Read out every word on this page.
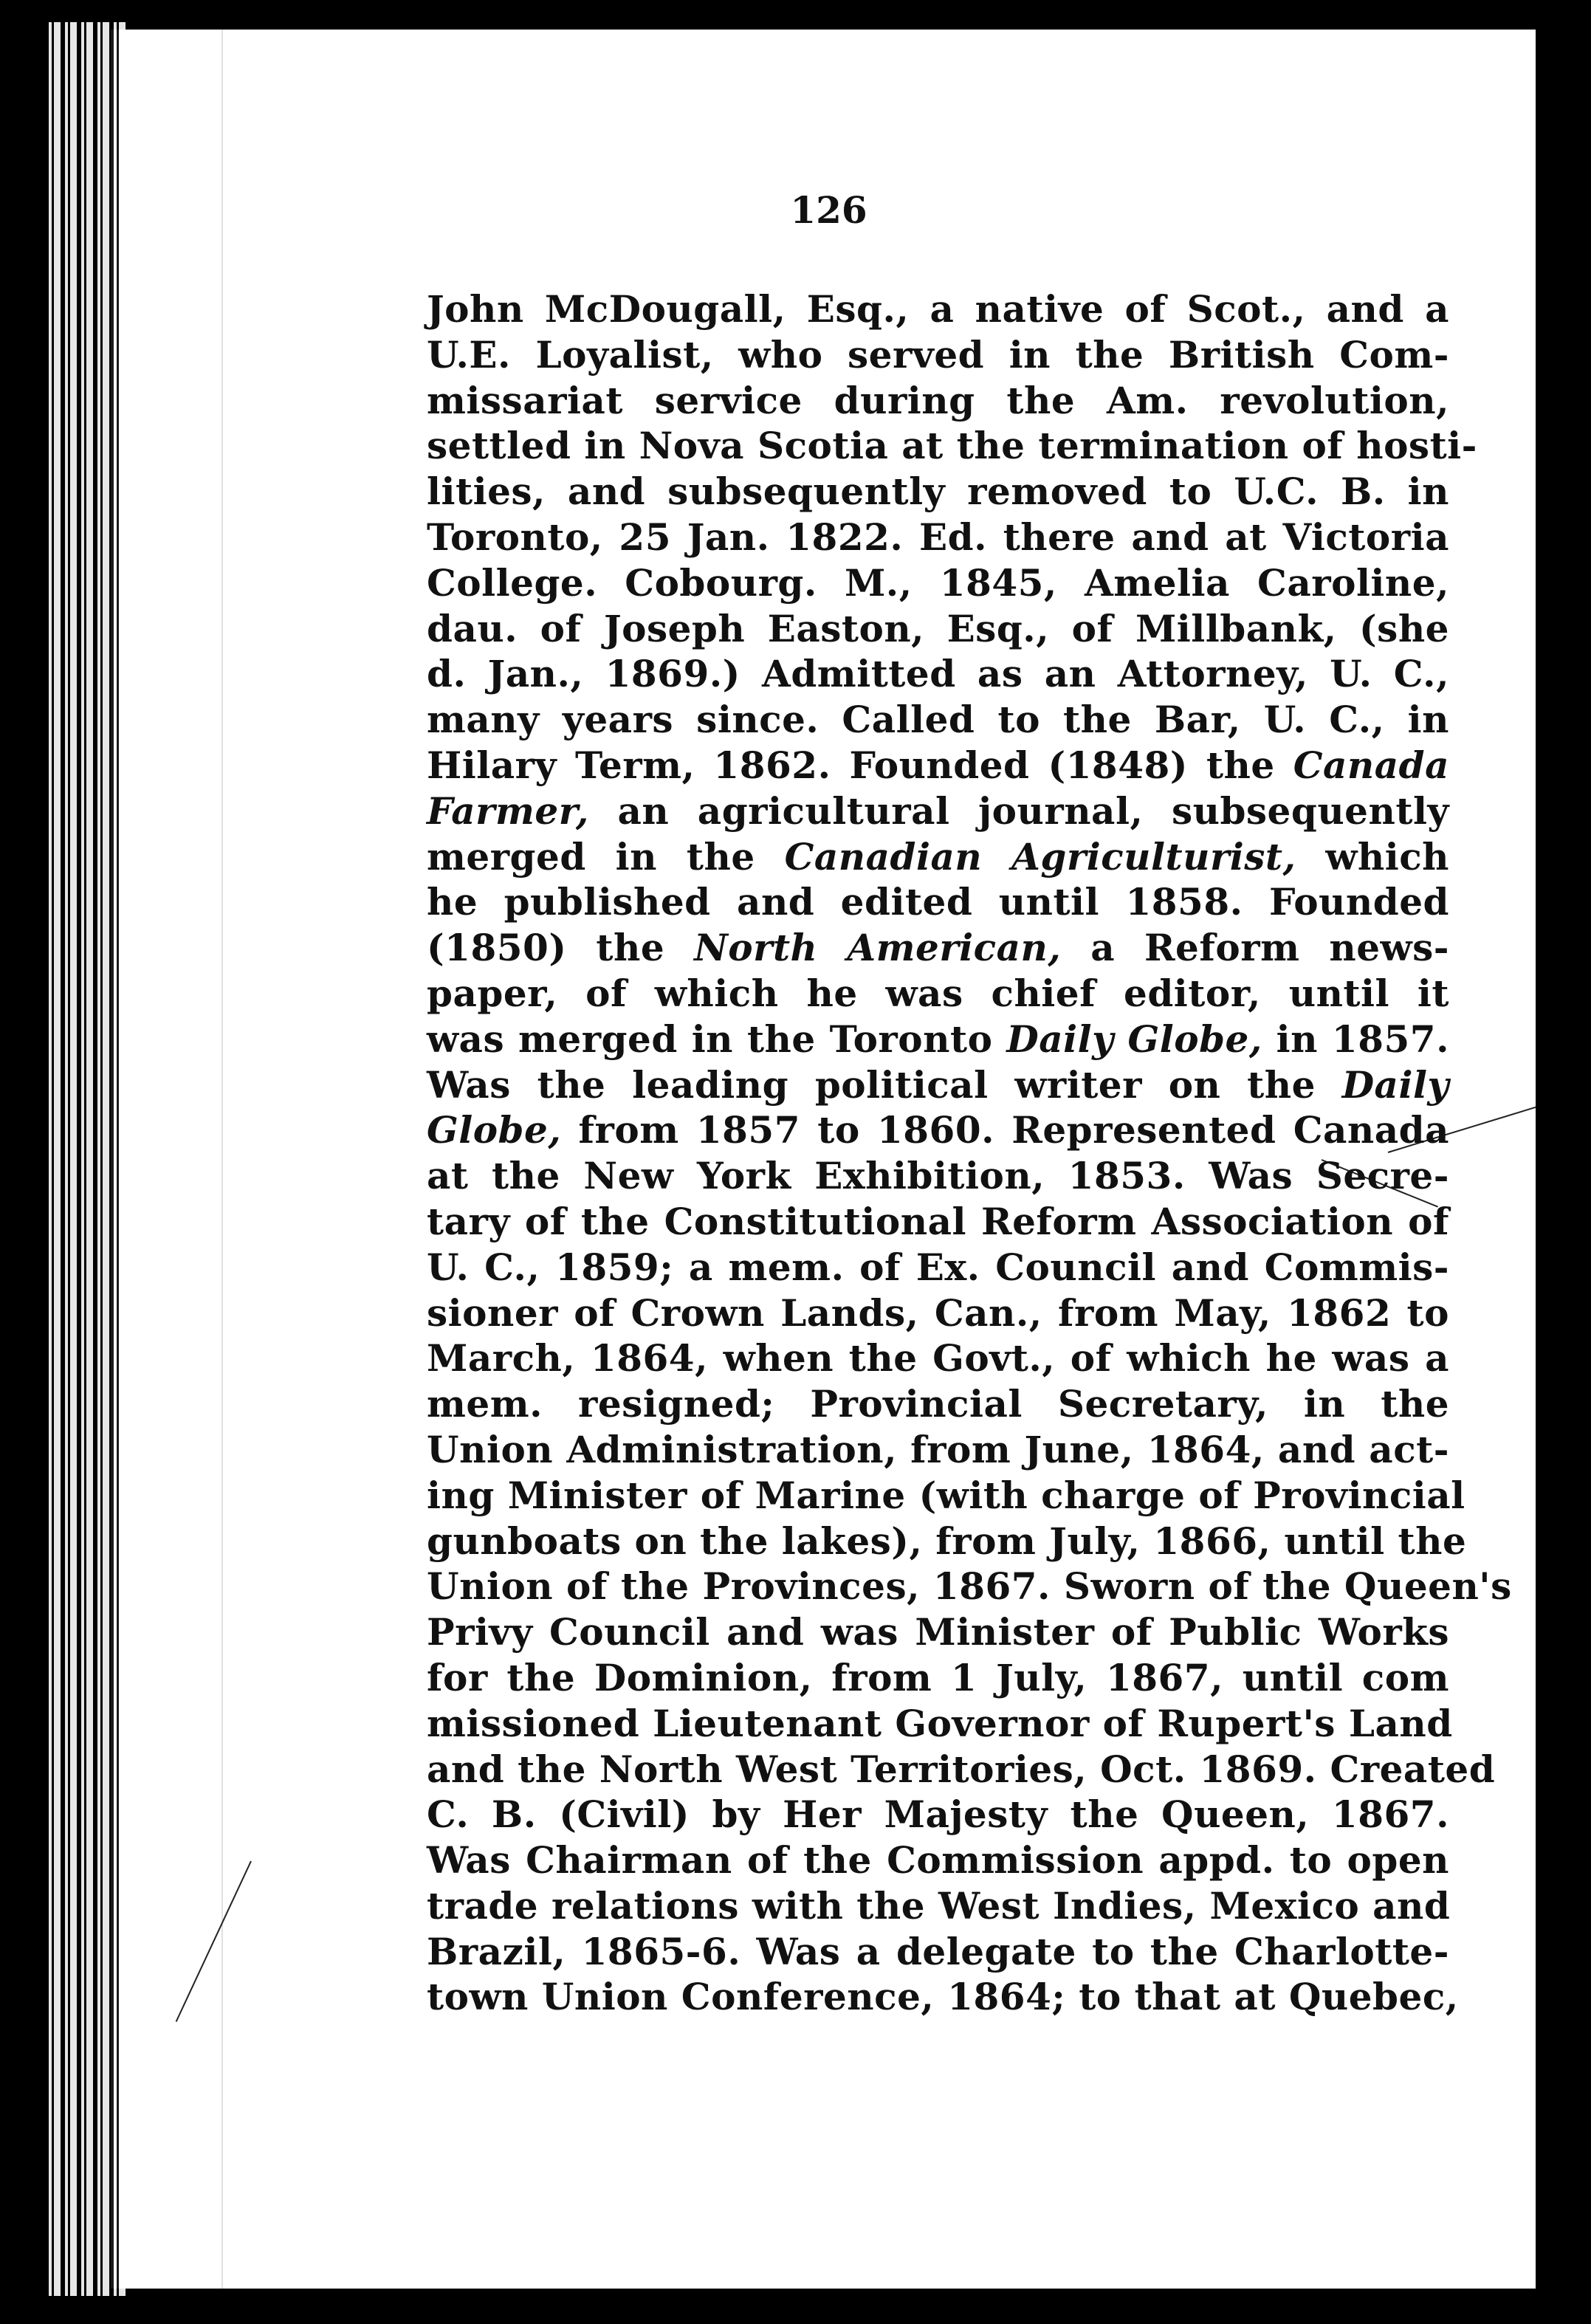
126
John McDougall, Esq., a native of Scot., and a
U.E. Loyalist, who served in the British Com-
missariat service during the Am. revolution,
settled in Nova Scotia at the termination of hosti-
lities, and subsequently removed to U.C. B. in
Toronto, 25 Jan. 1822. Ed. there and at Victoria
College. Cobourg. M., 1845, Amelia Caroline,
dau. of Joseph Easton, Esq., of Millbank, (she
d. Jan., 1869.) Admitted as an Attorney, U. C.,
many years since. Called to the Bar, U. C., in
Hilary Term, 1862. Founded (1848) the Canada
Farmer, an agricultural journal, subsequently
merged in the Canadian Agriculturist, which
he published and edited until 1858. Founded
(1850) the North American, a Reform news-
paper, of which he was chief editor, until it
was merged in the Toronto Daily Globe, in 1857.
Was the leading political writer on the Daily
Globe, from 1857 to 1860. Represented Canada
at the New York Exhibition, 1853. Was Secre-
tary of the Constitutional Reform Association of
U. C., 1859; a mem. of Ex. Council and Commis-
sioner of Crown Lands, Can., from May, 1862 to
March, 1864, when the Govt., of which he was a
mem. resigned; Provincial Secretary, in the
Union Administration, from June, 1864, and act-
ing Minister of Marine (with charge of Provincial
gunboats on the lakes), from July, 1866, until the
Union of the Provinces, 1867. Sworn of the Queen's
Privy Council and was Minister of Public Works
for the Dominion, from 1 July, 1867, until com
missioned Lieutenant Governor of Rupert's Land
and the North West Territories, Oct. 1869. Created
C. B. (Civil) by Her Majesty the Queen, 1867.
Was Chairman of the Commission appd. to open
trade relations with the West Indies, Mexico and
Brazil, 1865-6. Was a delegate to the Charlotte-
town Union Conference, 1864; to that at Quebec,
